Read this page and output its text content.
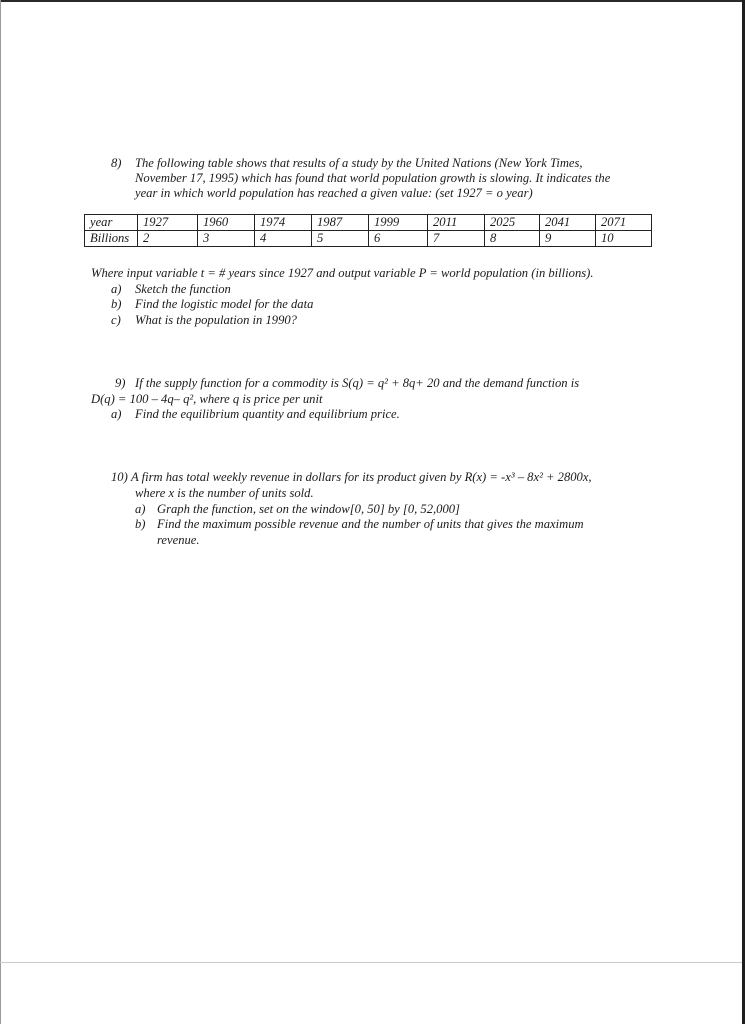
8) The following table shows that results of a study by the United Nations (New York Times,
November 17, 1995) which has found that world population growth is slowing. It indicates the
year in which world population has reached a given value: (set 1927 = o year)
year	1927	1960	1974	1987	1999	2011	2025	2041	2071
Billions	2	3	4	5	6	7	8	9	10
Where input variable t = # years since 1927 and output variable P = world population (in billions).
a) Sketch the function
b) Find the logistic model for the data
c) What is the population in 1990?
9) If the supply function for a commodity is S(q) = q² + 8q+ 20 and the demand function is
D(q) = 100 – 4q– q², where q is price per unit
a) Find the equilibrium quantity and equilibrium price.
10) A firm has total weekly revenue in dollars for its product given by R(x) = -x³ – 8x² + 2800x,
where x is the number of units sold.
a) Graph the function, set on the window[0, 50] by [0, 52,000]
b) Find the maximum possible revenue and the number of units that gives the maximum
revenue.
